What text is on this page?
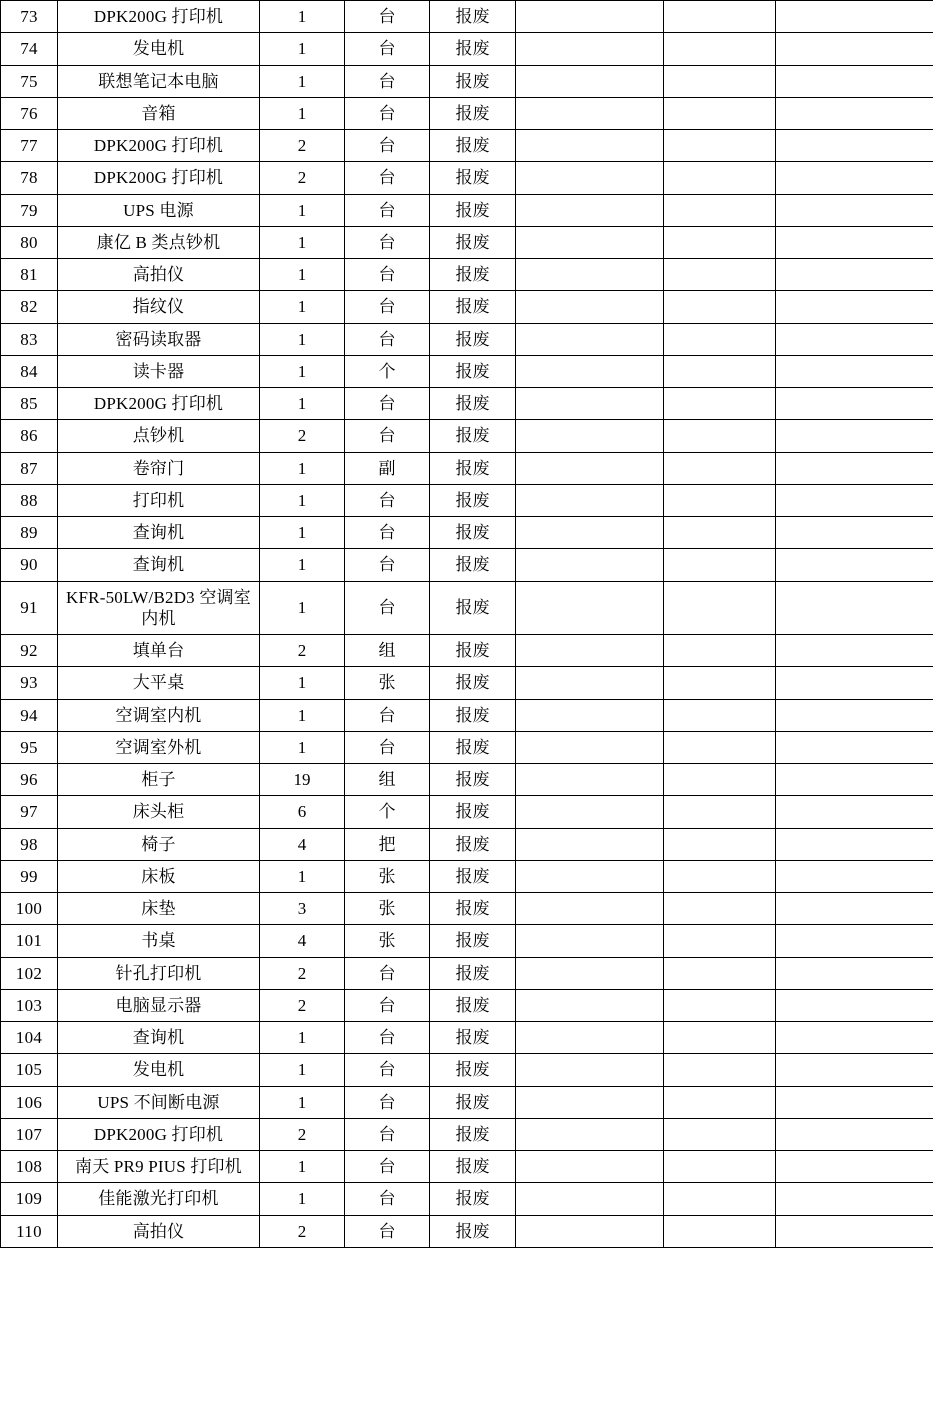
73	DPK200G 打印机	1	台	报废			
74	发电机	1	台	报废			
75	联想笔记本电脑	1	台	报废			
76	音箱	1	台	报废			
77	DPK200G 打印机	2	台	报废			
78	DPK200G 打印机	2	台	报废			
79	UPS 电源	1	台	报废			
80	康亿 B 类点钞机	1	台	报废			
81	高拍仪	1	台	报废			
82	指纹仪	1	台	报废			
83	密码读取器	1	台	报废			
84	读卡器	1	个	报废			
85	DPK200G 打印机	1	台	报废			
86	点钞机	2	台	报废			
87	卷帘门	1	副	报废			
88	打印机	1	台	报废			
89	查询机	1	台	报废			
90	查询机	1	台	报废			
91	KFR-50LW/B2D3 空调室内机	1	台	报废			
92	填单台	2	组	报废			
93	大平桌	1	张	报废			
94	空调室内机	1	台	报废			
95	空调室外机	1	台	报废			
96	柜子	19	组	报废			
97	床头柜	6	个	报废			
98	椅子	4	把	报废			
99	床板	1	张	报废			
100	床垫	3	张	报废			
101	书桌	4	张	报废			
102	针孔打印机	2	台	报废			
103	电脑显示器	2	台	报废			
104	查询机	1	台	报废			
105	发电机	1	台	报废			
106	UPS 不间断电源	1	台	报废			
107	DPK200G 打印机	2	台	报废			
108	南天 PR9 PIUS 打印机	1	台	报废			
109	佳能激光打印机	1	台	报废			
110	高拍仪	2	台	报废			
